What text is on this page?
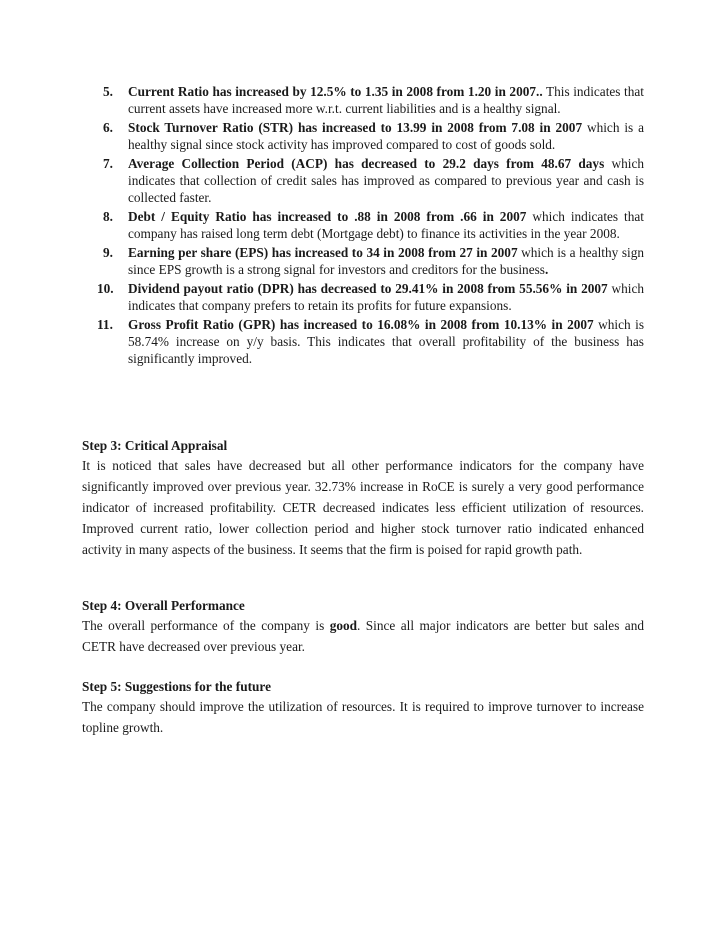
5.	Current Ratio has increased by 12.5% to 1.35 in 2008 from 1.20 in 2007.. This indicates that current assets have increased more w.r.t. current liabilities and is a healthy signal.
6.	Stock Turnover Ratio (STR) has increased to 13.99 in 2008 from 7.08 in 2007 which is a healthy signal since stock activity has improved compared to cost of goods sold.
7.	Average Collection Period (ACP) has decreased to 29.2 days from 48.67 days which indicates that collection of credit sales has improved as compared to previous year and cash is collected faster.
8.	Debt / Equity Ratio has increased to .88 in 2008 from .66 in 2007 which indicates that company has raised long term debt (Mortgage debt) to finance its activities in the year 2008.
9.	Earning per share (EPS) has increased to 34 in 2008 from 27 in 2007 which is a healthy sign since EPS growth is a strong signal for investors and creditors for the business.
10.	Dividend payout ratio (DPR) has decreased to 29.41% in 2008 from 55.56% in 2007 which indicates that company prefers to retain its profits for future expansions.
11.	Gross Profit Ratio (GPR) has increased to 16.08% in 2008 from 10.13% in 2007 which is 58.74% increase on y/y basis. This indicates that overall profitability of the business has significantly improved.
Step 3: Critical Appraisal

It is noticed that sales have decreased but all other performance indicators for the company have significantly improved over previous year. 32.73% increase in RoCE is surely a very good performance indicator of increased profitability. CETR decreased indicates less efficient utilization of resources. Improved current ratio, lower collection period and higher stock turnover ratio indicated enhanced activity in many aspects of the business. It seems that the firm is poised for rapid growth path.

Step 4: Overall Performance

The overall performance of the company is good. Since all major indicators are better but sales and CETR have decreased over previous year.

Step 5: Suggestions for the future

The company should improve the utilization of resources. It is required to improve turnover to increase topline growth.
